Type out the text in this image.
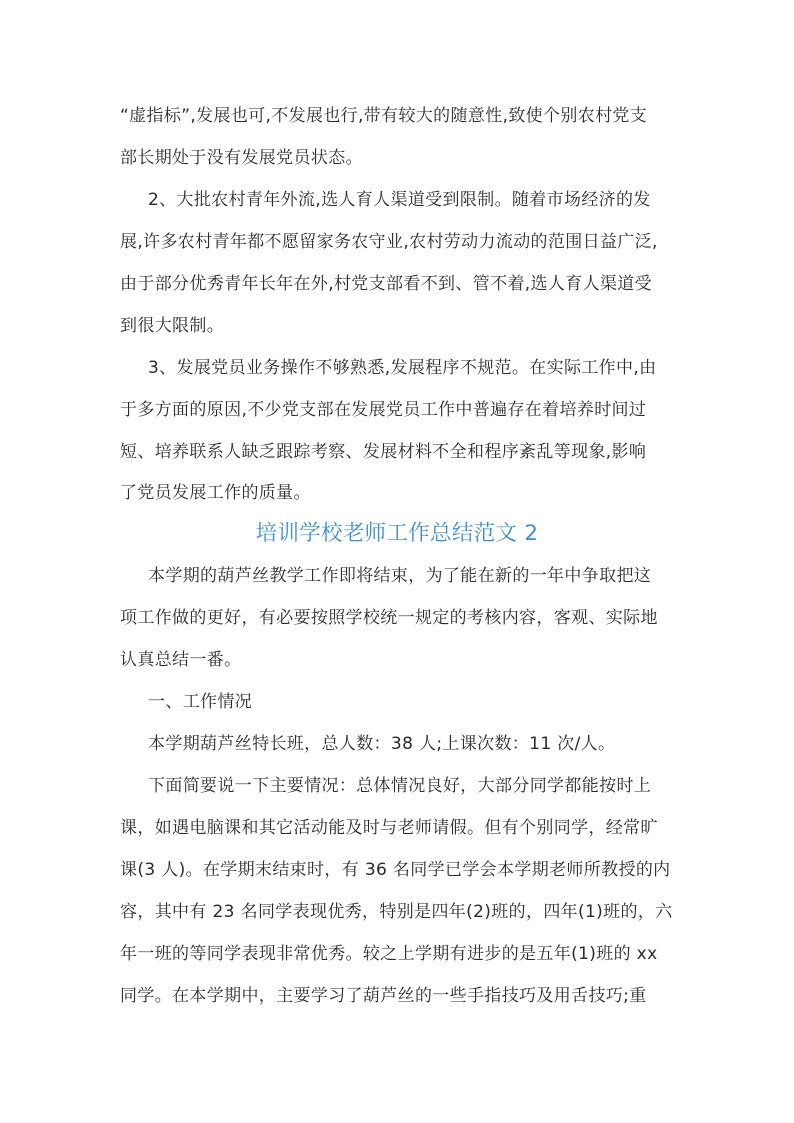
“虚指标”,发展也可,不发展也行,带有较大的随意性,致使个别农村党支
部长期处于没有发展党员状态。
2、大批农村青年外流,选人育人渠道受到限制。随着市场经济的发
展,许多农村青年都不愿留家务农守业,农村劳动力流动的范围日益广泛,
由于部分优秀青年长年在外,村党支部看不到、管不着,选人育人渠道受
到很大限制。
3、发展党员业务操作不够熟悉,发展程序不规范。在实际工作中,由
于多方面的原因,不少党支部在发展党员工作中普遍存在着培养时间过
短、培养联系人缺乏跟踪考察、发展材料不全和程序紊乱等现象,影响
了党员发展工作的质量。
培训学校老师工作总结范文 2
本学期的葫芦丝教学工作即将结束，为了能在新的一年中争取把这
项工作做的更好，有必要按照学校统一规定的考核内容，客观、实际地
认真总结一番。
一、工作情况
本学期葫芦丝特长班，总人数：38 人;上课次数：11 次/人。
下面简要说一下主要情况：总体情况良好，大部分同学都能按时上
课，如遇电脑课和其它活动能及时与老师请假。但有个别同学，经常旷
课(3 人)。在学期末结束时，有 36 名同学已学会本学期老师所教授的内
容，其中有 23 名同学表现优秀，特别是四年(2)班的，四年(1)班的，六
年一班的等同学表现非常优秀。较之上学期有进步的是五年(1)班的 xx
同学。在本学期中，主要学习了葫芦丝的一些手指技巧及用舌技巧;重
